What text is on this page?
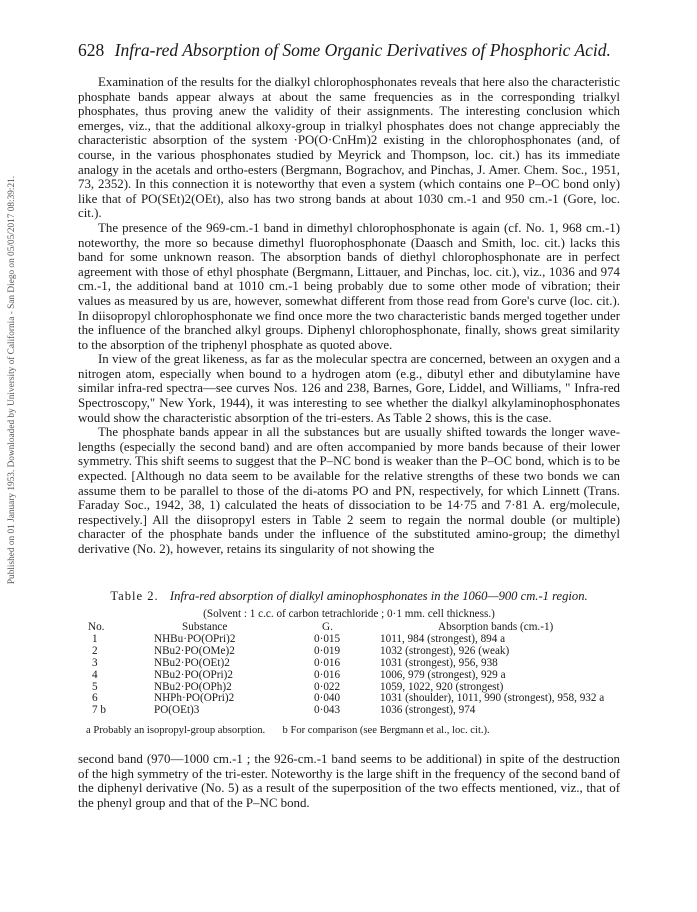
Published on 01 January 1953. Downloaded by University of California - San Diego on 05/05/2017 08:39:21.
628 Infra-red Absorption of Some Organic Derivatives of Phosphoric Acid.

Examination of the results for the dialkyl chlorophosphonates reveals that here also the characteristic phosphate bands appear always at about the same frequencies as in the corresponding trialkyl phosphates, thus proving anew the validity of their assignments. The interesting conclusion which emerges, viz., that the additional alkoxy-group in trialkyl phosphates does not change appreciably the characteristic absorption of the system ·PO(O·CnHm)2 existing in the chlorophosphonates (and, of course, in the various phosphonates studied by Meyrick and Thompson, loc. cit.) has its immediate analogy in the acetals and ortho-esters (Bergmann, Bograchov, and Pinchas, J. Amer. Chem. Soc., 1951, 73, 2352). In this connection it is noteworthy that even a system (which contains one P–OC bond only) like that of PO(SEt)2(OEt), also has two strong bands at about 1030 cm.-1 and 950 cm.-1 (Gore, loc. cit.).

The presence of the 969-cm.-1 band in dimethyl chlorophosphonate is again (cf. No. 1, 968 cm.-1) noteworthy, the more so because dimethyl fluorophosphonate (Daasch and Smith, loc. cit.) lacks this band for some unknown reason. The absorption bands of diethyl chlorophosphonate are in perfect agreement with those of ethyl phosphate (Bergmann, Littauer, and Pinchas, loc. cit.), viz., 1036 and 974 cm.-1, the additional band at 1010 cm.-1 being probably due to some other mode of vibration; their values as measured by us are, however, somewhat different from those read from Gore's curve (loc. cit.). In diisopropyl chlorophosphonate we find once more the two characteristic bands merged together under the influence of the branched alkyl groups. Diphenyl chlorophosphonate, finally, shows great similarity to the absorption of the triphenyl phosphate as quoted above.

In view of the great likeness, as far as the molecular spectra are concerned, between an oxygen and a nitrogen atom, especially when bound to a hydrogen atom (e.g., dibutyl ether and dibutylamine have similar infra-red spectra—see curves Nos. 126 and 238, Barnes, Gore, Liddel, and Williams, " Infra-red Spectroscopy," New York, 1944), it was interesting to see whether the dialkyl alkylaminophosphonates would show the characteristic absorption of the tri-esters. As Table 2 shows, this is the case.

The phosphate bands appear in all the substances but are usually shifted towards the longer wave-lengths (especially the second band) and are often accompanied by more bands because of their lower symmetry. This shift seems to suggest that the P–NC bond is weaker than the P–OC bond, which is to be expected. [Although no data seem to be available for the relative strengths of these two bonds we can assume them to be parallel to those of the di-atoms PO and PN, respectively, for which Linnett (Trans. Faraday Soc., 1942, 38, 1) calculated the heats of dissociation to be 14·75 and 7·81 A. erg/molecule, respectively.] All the diisopropyl esters in Table 2 seem to regain the normal double (or multiple) character of the phosphate bands under the influence of the substituted amino-group; the dimethyl derivative (No. 2), however, retains its singularity of not showing the

Table 2. Infra-red absorption of dialkyl aminophosphonates in the 1060—900 cm.-1 region.
(Solvent : 1 c.c. of carbon tetrachloride ; 0·1 mm. cell thickness.)
No.	Substance	G.	Absorption bands (cm.-1)
1	NHBu·PO(OPri)2	0·015	1011, 984 (strongest), 894 a
2	NBu2·PO(OMe)2	0·019	1032 (strongest), 926 (weak)
3	NBu2·PO(OEt)2	0·016	1031 (strongest), 956, 938
4	NBu2·PO(OPri)2	0·016	1006, 979 (strongest), 929 a
5	NBu2·PO(OPh)2	0·022	1059, 1022, 920 (strongest)
6	NHPh·PO(OPri)2	0·040	1031 (shoulder), 1011, 990 (strongest), 958, 932 a
7 b	PO(OEt)3	0·043	1036 (strongest), 974
a Probably an isopropyl-group absorption. b For comparison (see Bergmann et al., loc. cit.).

second band (970—1000 cm.-1 ; the 926-cm.-1 band seems to be additional) in spite of the destruction of the high symmetry of the tri-ester. Noteworthy is the large shift in the frequency of the second band of the diphenyl derivative (No. 5) as a result of the superposition of the two effects mentioned, viz., that of the phenyl group and that of the P–NC bond.
